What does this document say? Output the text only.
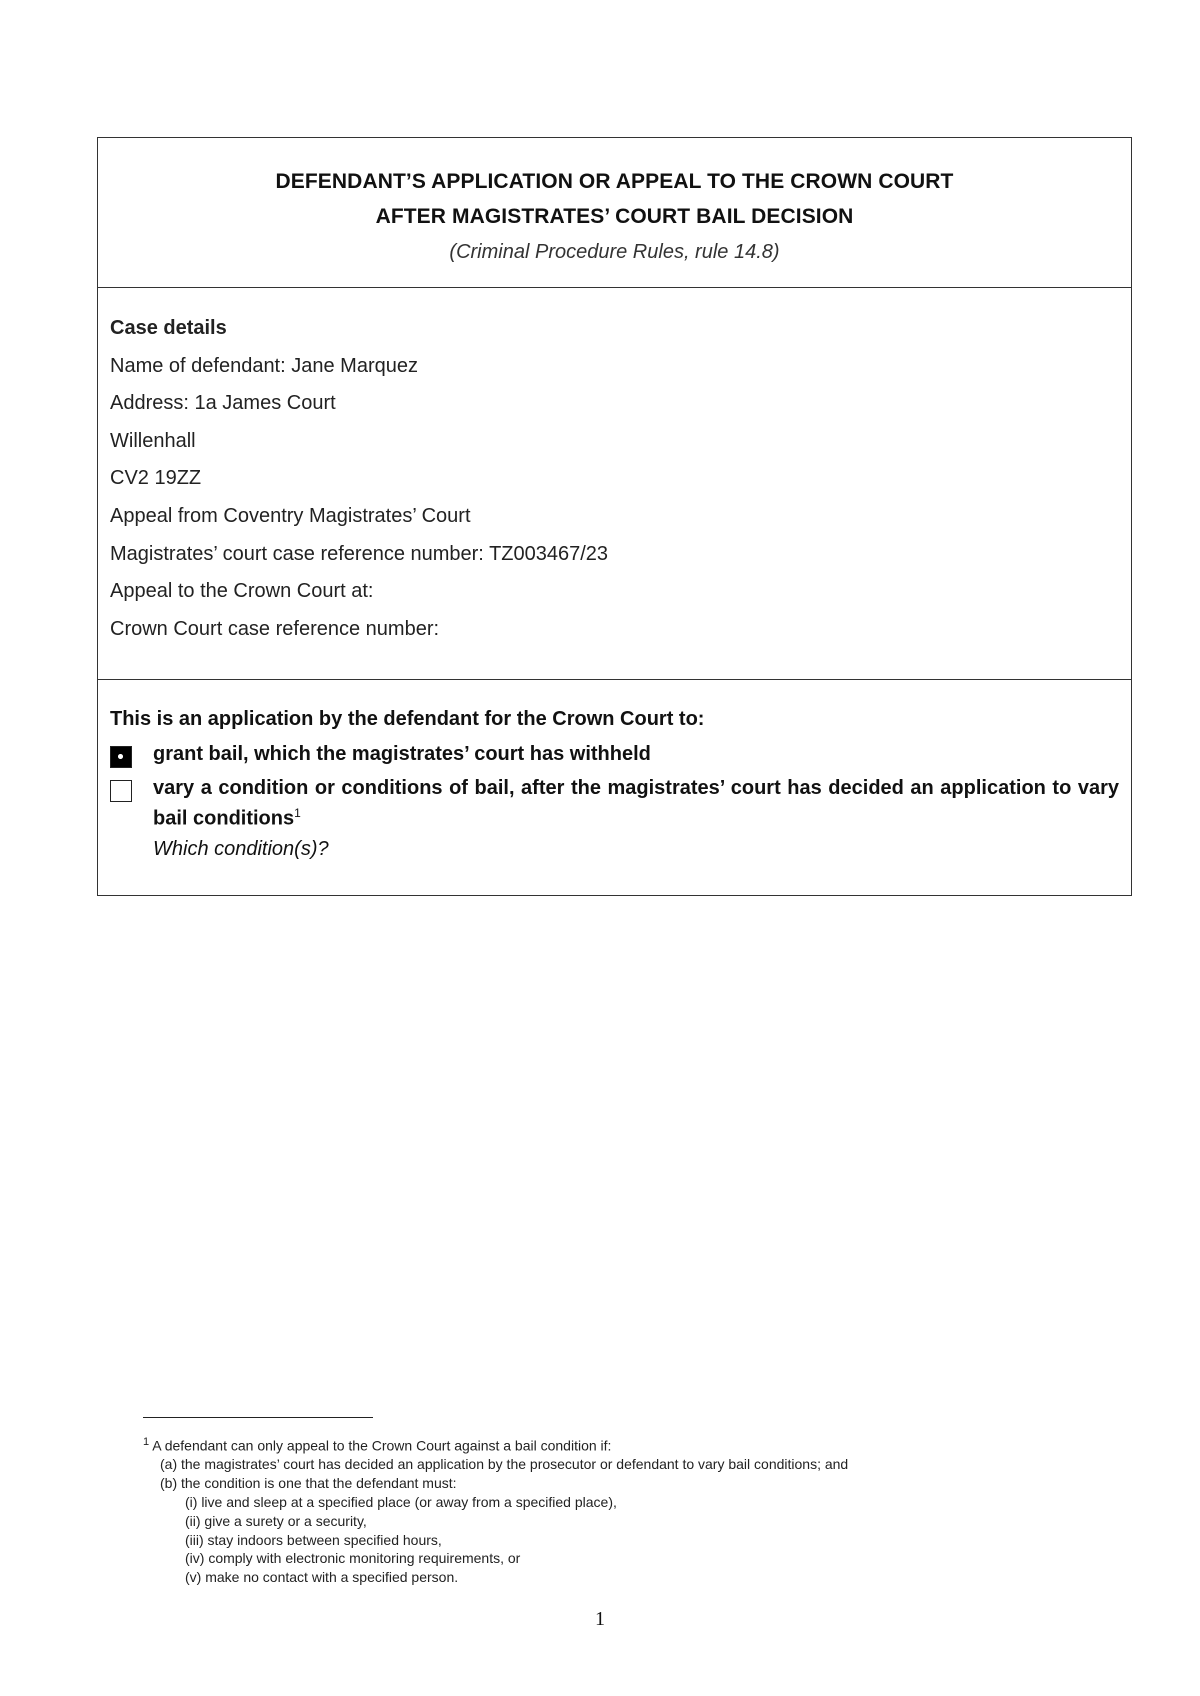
DEFENDANT’S APPLICATION OR APPEAL TO THE CROWN COURT
AFTER MAGISTRATES’ COURT BAIL DECISION
(Criminal Procedure Rules, rule 14.8)
Case details
Name of defendant: Jane Marquez
Address: 1a James Court
Willenhall
CV2 19ZZ
Appeal from Coventry Magistrates’ Court
Magistrates’ court case reference number: TZ003467/23
Appeal to the Crown Court at:
Crown Court case reference number:
This is an application by the defendant for the Crown Court to:
grant bail, which the magistrates’ court has withheld
vary a condition or conditions of bail, after the magistrates’ court has decided an application to vary bail conditions$^1$
Which condition(s)?
$^1$ A defendant can only appeal to the Crown Court against a bail condition if:
(a) the magistrates’ court has decided an application by the prosecutor or defendant to vary bail conditions; and
(b) the condition is one that the defendant must:
(i) live and sleep at a specified place (or away from a specified place),
(ii) give a surety or a security,
(iii) stay indoors between specified hours,
(iv) comply with electronic monitoring requirements, or
(v) make no contact with a specified person.
1
